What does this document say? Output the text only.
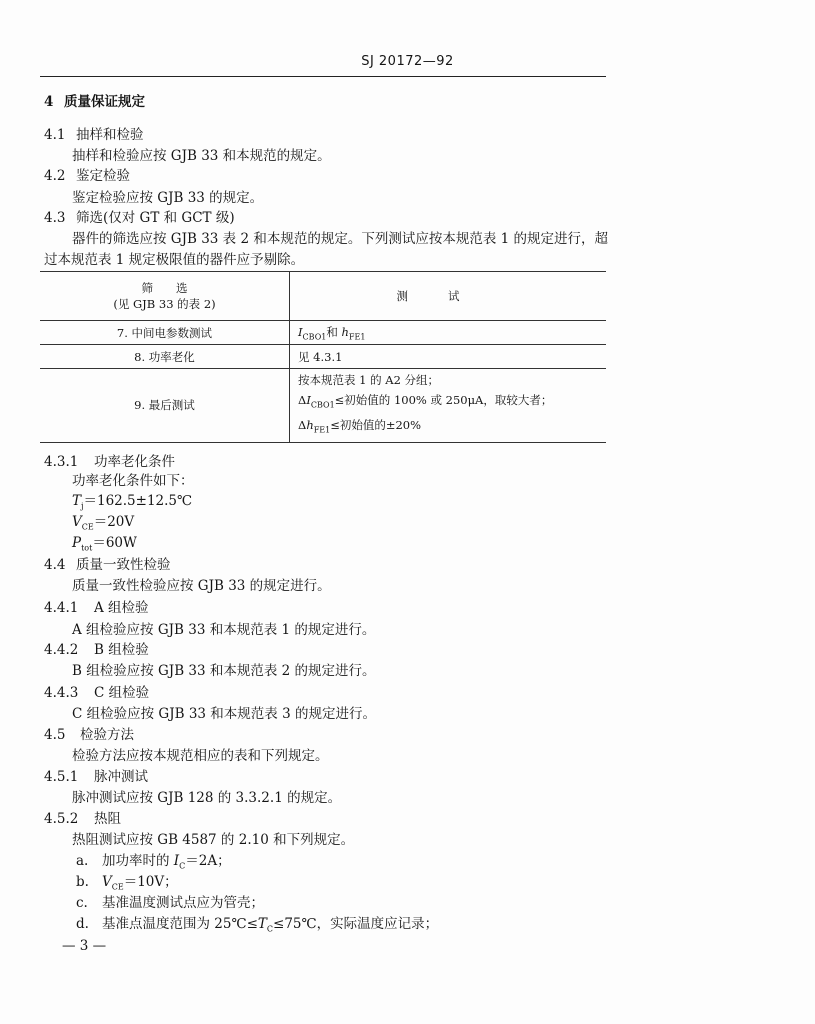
SJ 20172—92
4 质量保证规定
4.1 抽样和检验
抽样和检验应按 GJB 33 和本规范的规定。
4.2 鉴定检验
鉴定检验应按 GJB 33 的规定。
4.3 筛选(仅对 GT 和 GCT 级)
器件的筛选应按 GJB 33 表 2 和本规范的规定。下列测试应按本规范表 1 的规定进行，超
过本规范表 1 规定极限值的器件应予剔除。
筛　　选
(见 GJB 33 的表 2)	测试
7. 中间电参数测试	$I_{CBO1}$和 $h_{FE1}$
8. 功率老化	见 4.3.1
9. 最后测试	按本规范表 1 的 A2 分组；
$\Delta I_{CBO1}\le$初始值的 100% 或 250μA，取较大者；
$\Delta h_{FE1}\le$初始值的±20%
4.3.1 功率老化条件
功率老化条件如下：
$T_j=162.5\pm 12.5℃$
$V_{CE}=20V$
$P_{tot}=60W$
4.4 质量一致性检验
质量一致性检验应按 GJB 33 的规定进行。
4.4.1 A 组检验
A 组检验应按 GJB 33 和本规范表 1 的规定进行。
4.4.2 B 组检验
B 组检验应按 GJB 33 和本规范表 2 的规定进行。
4.4.3 C 组检验
C 组检验应按 GJB 33 和本规范表 3 的规定进行。
4.5 检验方法
检验方法应按本规范相应的表和下列规定。
4.5.1 脉冲测试
脉冲测试应按 GJB 128 的 3.3.2.1 的规定。
4.5.2 热阻
热阻测试应按 GB 4587 的 2.10 和下列规定。
a. 加功率时的 $I_C=2A$；
b. $V_{CE}=10V$；
c. 基准温度测试点应为管壳；
d. 基准点温度范围为 $25℃\le T_C\le 75℃$，实际温度应记录；
— 3 —
